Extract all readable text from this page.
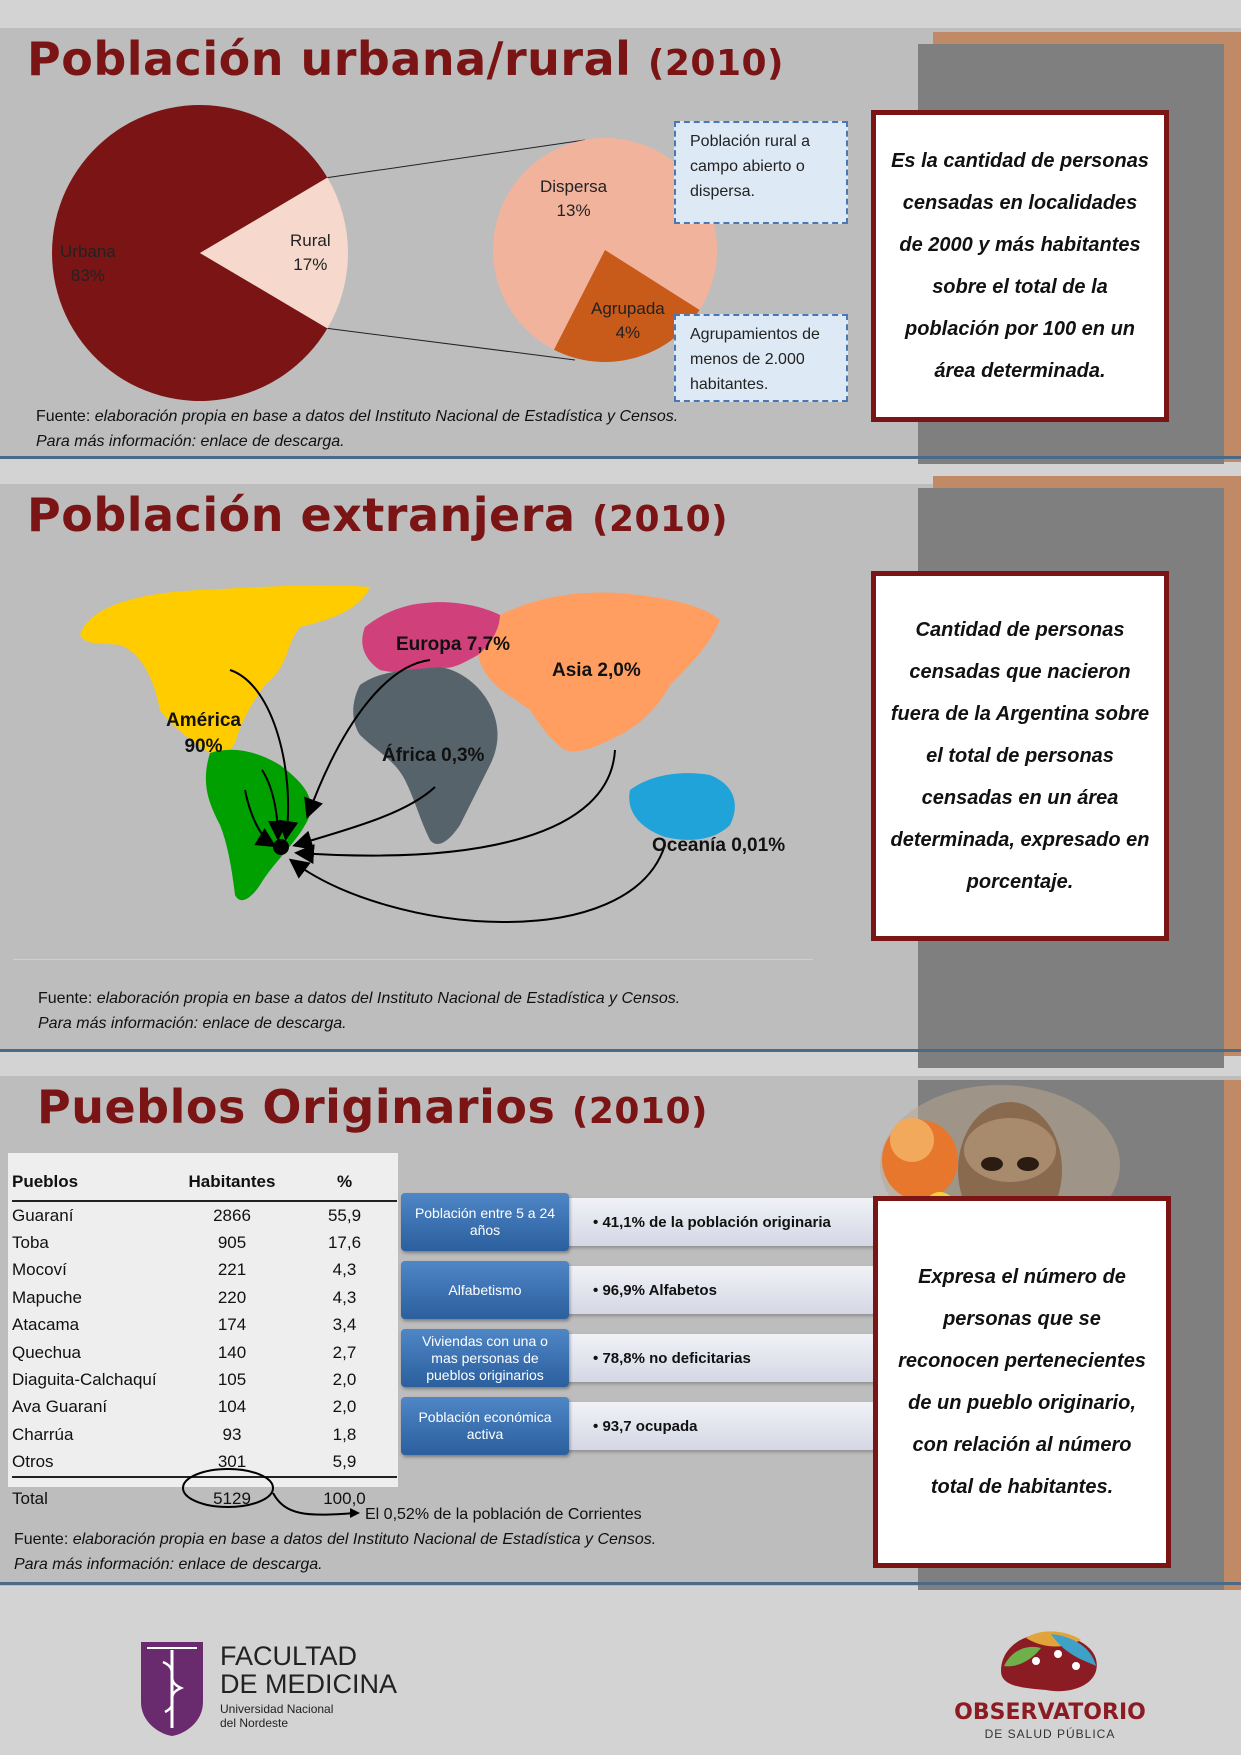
Población urbana/rural (2010)
Urbana
83%
Rural
17%
Dispersa
13%
Agrupada
4%
Población rural a campo abierto o dispersa.
Agrupamientos de menos de 2.000 habitantes.
Es la cantidad de personas censadas en localidades de 2000 y más habitantes sobre el total de la población por 100 en un área determinada.
Fuente: elaboración propia en base a datos del Instituto Nacional de Estadística y Censos.
Para más información: enlace de descarga.
Población extranjera (2010)
América
90%
Europa 7,7%
Asia 2,0%
África 0,3%
Oceanía 0,01%
Cantidad de personas censadas que nacieron fuera de la Argentina sobre el total de personas censadas en un área determinada, expresado en porcentaje.
Fuente: elaboración propia en base a datos del Instituto Nacional de Estadística y Censos.
Para más información: enlace de descarga.
Pueblos Originarios (2010)
Pueblos	Habitantes	%
Guaraní	2866	55,9
Toba	905	17,6
Mocoví	221	4,3
Mapuche	220	4,3
Atacama	174	3,4
Quechua	140	2,7
Diaguita-Calchaquí	105	2,0
Ava Guaraní	104	2,0
Charrúa	93	1,8
Otros	301	5,9
Total	5129	100,0
El 0,52% de la población de Corrientes
•
41,1% de la población originaria
Población entre 5 a 24 años
•
96,9% Alfabetos
Alfabetismo
•
78,8% no deficitarias
Viviendas con una o mas personas de pueblos originarios
•
93,7 ocupada
Población económica activa
Expresa el número de personas que se reconocen pertenecientes de un pueblo originario, con relación al número total de habitantes.
Fuente: elaboración propia en base a datos del Instituto Nacional de Estadística y Censos.
Para más información: enlace de descarga.
FACULTAD
DE MEDICINA
Universidad Nacional
del Nordeste	OBSERVATORIO
DE SALUD PÚBLICA
